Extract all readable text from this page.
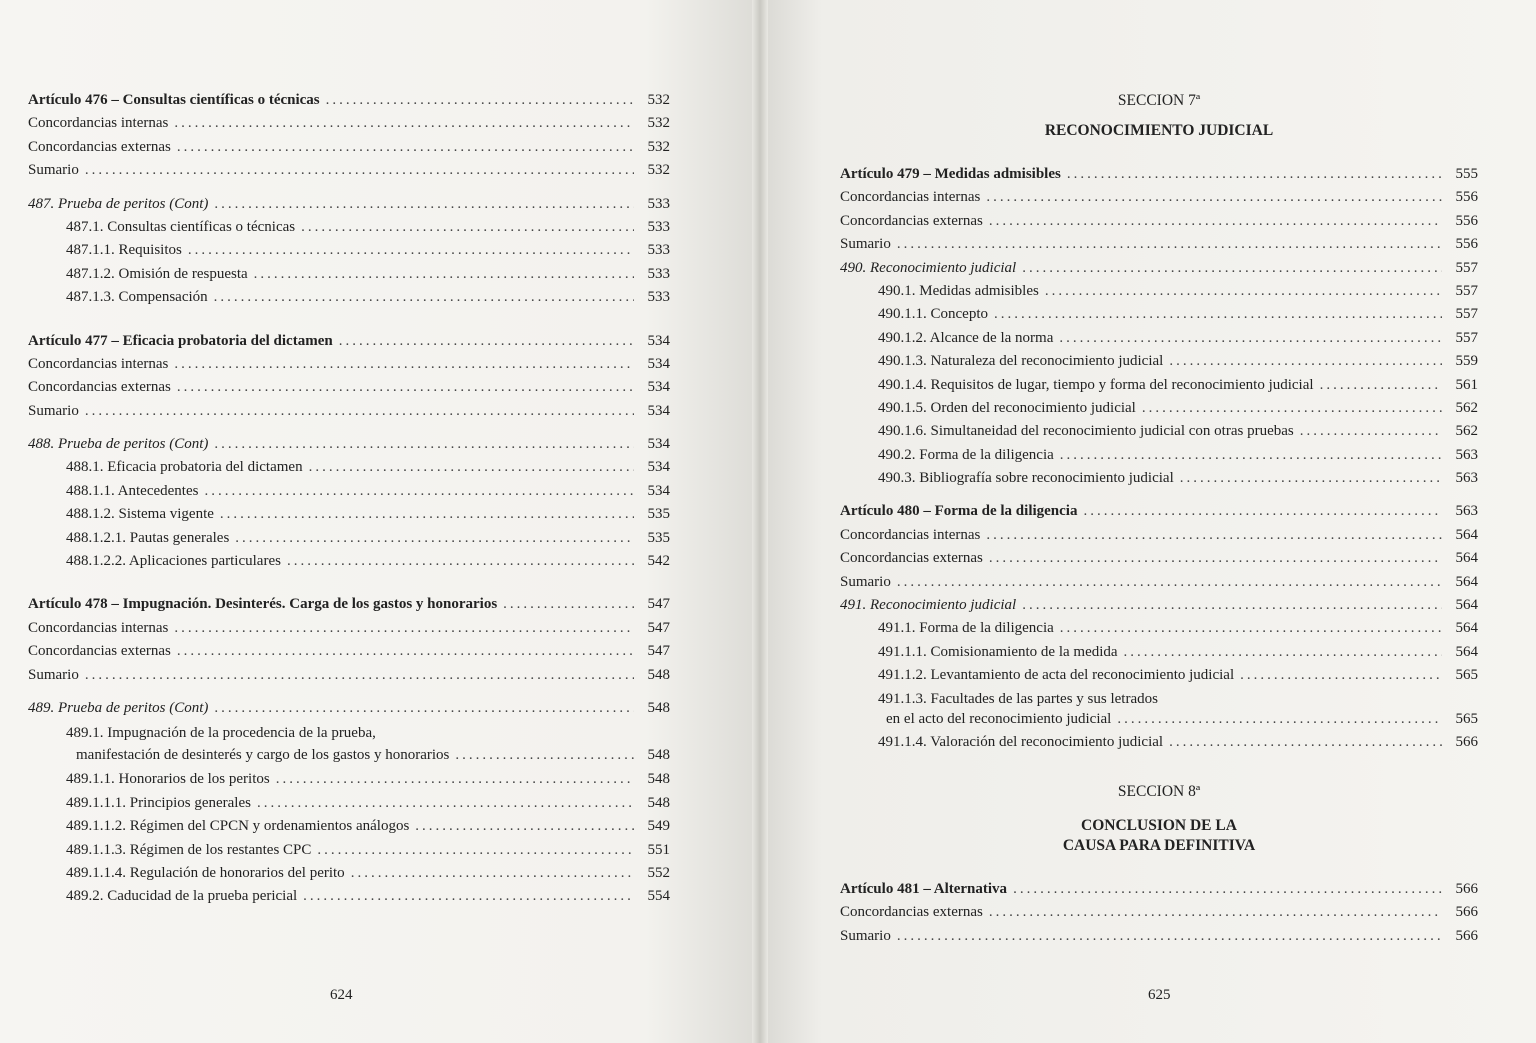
Artículo 476 – Consultas científicas o técnicas .....	532
Concordancias internas .....	532
Concordancias externas .....	532
Sumario .....	532
487. Prueba de peritos (Cont) .....	533
487.1. Consultas científicas o técnicas .....	533
487.1.1. Requisitos .....	533
487.1.2. Omisión de respuesta .....	533
487.1.3. Compensación .....	533
Artículo 477 – Eficacia probatoria del dictamen .....	534
Concordancias internas .....	534
Concordancias externas .....	534
Sumario .....	534
488. Prueba de peritos (Cont) .....	534
488.1. Eficacia probatoria del dictamen .....	534
488.1.1. Antecedentes .....	534
488.1.2. Sistema vigente .....	535
488.1.2.1. Pautas generales .....	535
488.1.2.2. Aplicaciones particulares .....	542
Artículo 478 – Impugnación. Desinterés. Carga de los gastos y honorarios .....	547
Concordancias internas .....	547
Concordancias externas .....	547
Sumario .....	548
489. Prueba de peritos (Cont) .....	548
489.1. Impugnación de la procedencia de la prueba,
manifestación de desinterés y cargo de los gastos y honorarios .....	548
489.1.1. Honorarios de los peritos .....	548
489.1.1.1. Principios generales .....	548
489.1.1.2. Régimen del CPCN y ordenamientos análogos .....	549
489.1.1.3. Régimen de los restantes CPC .....	551
489.1.1.4. Regulación de honorarios del perito .....	552
489.2. Caducidad de la prueba pericial .....	554
624
SECCION 7ª
RECONOCIMIENTO JUDICIAL
Artículo 479 – Medidas admisibles .....	555
Concordancias internas .....	556
Concordancias externas .....	556
Sumario .....	556
490. Reconocimiento judicial .....	557
490.1. Medidas admisibles .....	557
490.1.1. Concepto .....	557
490.1.2. Alcance de la norma .....	557
490.1.3. Naturaleza del reconocimiento judicial .....	559
490.1.4. Requisitos de lugar, tiempo y forma del reconocimiento judicial .....	561
490.1.5. Orden del reconocimiento judicial .....	562
490.1.6. Simultaneidad del reconocimiento judicial con otras pruebas .....	562
490.2. Forma de la diligencia .....	563
490.3. Bibliografía sobre reconocimiento judicial .....	563
Artículo 480 – Forma de la diligencia .....	563
Concordancias internas .....	564
Concordancias externas .....	564
Sumario .....	564
491. Reconocimiento judicial .....	564
491.1. Forma de la diligencia .....	564
491.1.1. Comisionamiento de la medida .....	564
491.1.2. Levantamiento de acta del reconocimiento judicial .....	565
491.1.3. Facultades de las partes y sus letrados
en el acto del reconocimiento judicial .....	565
491.1.4. Valoración del reconocimiento judicial .....	566
SECCION 8ª
CONCLUSION DE LA
CAUSA PARA DEFINITIVA
Artículo 481 – Alternativa .....	566
Concordancias externas .....	566
Sumario .....	566
625
